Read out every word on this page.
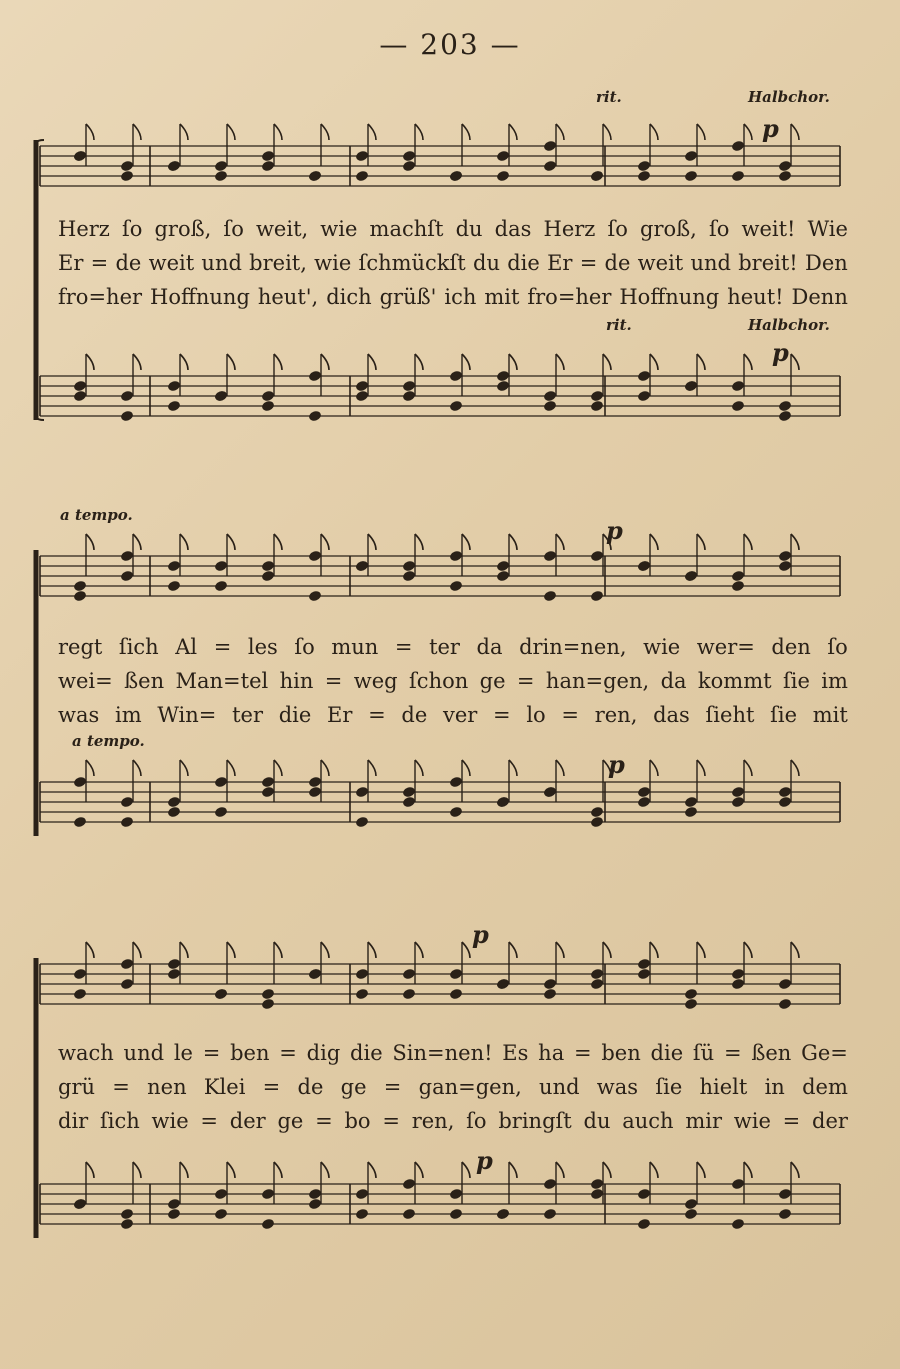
— 203 —
rit.	Halbchor.
p
Herz ſo groß, ſo weit, wie machſt du das Herz ſo groß, ſo weit! Wie
Er = de weit und breit, wie ſchmückſt du die Er = de weit und breit! Den
fro=her Hoffnung heut', dich grüß' ich mit fro=her Hoffnung heut! Denn
rit.	Halbchor.
p
a tempo.
p
regt ſich Al = les ſo mun = ter da drin=nen, wie wer= den ſo
wei= ßen Man=tel hin = weg ſchon ge = han=gen, da kommt ſie im
was im Win= ter die Er = de ver = lo = ren, das ſieht ſie mit
a tempo.
p
p
wach und le = ben = dig die Sin=nen! Es ha = ben die ſü = ßen Ge=
grü = nen Klei = de ge = gan=gen, und was ſie hielt in dem
dir ſich wie = der ge = bo = ren, ſo bringſt du auch mir wie = der
p
